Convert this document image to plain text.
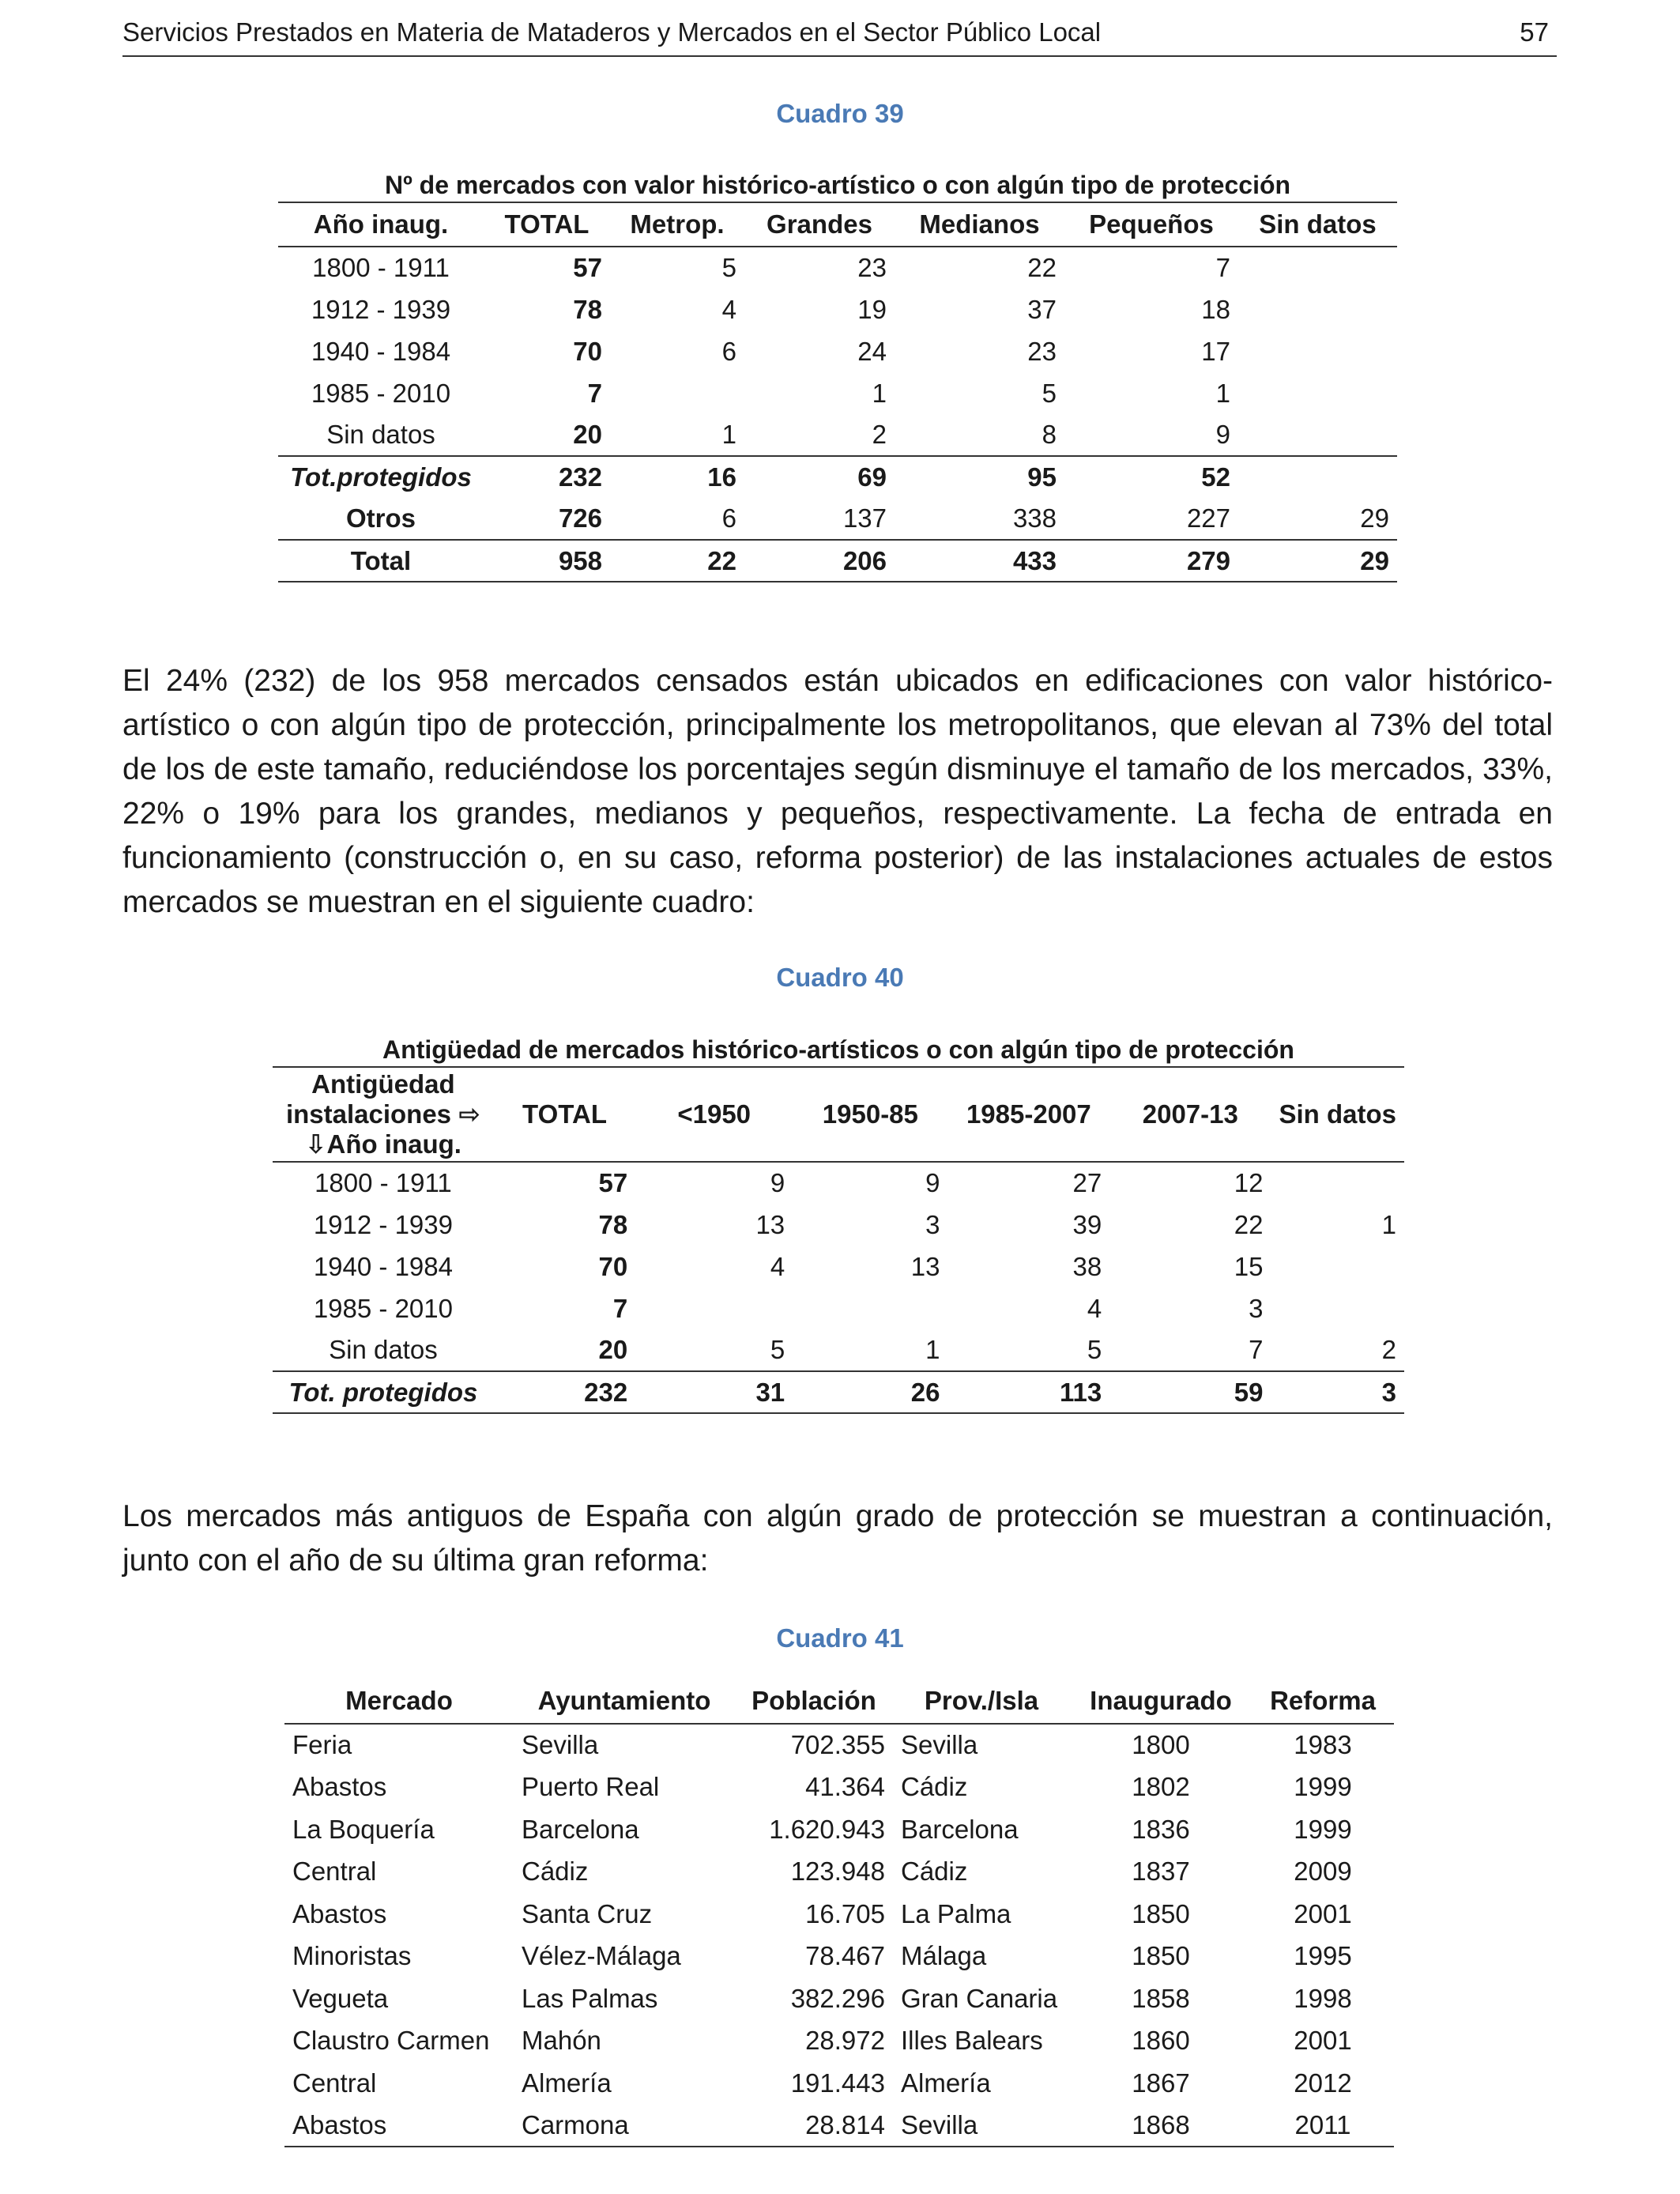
Servicios Prestados en Materia de Mataderos y Mercados en el Sector Público Local	57
Cuadro 39
Nº de mercados con valor histórico-artístico o con algún tipo de protección
Año inaug.	TOTAL	Metrop.	Grandes	Medianos	Pequeños	Sin datos
1800 - 1911	57	5	23	22	7	
1912 - 1939	78	4	19	37	18	
1940 - 1984	70	6	24	23	17	
1985 - 2010	7		1	5	1	
Sin datos	20	1	2	8	9	
Tot.protegidos	232	16	69	95	52	
Otros	726	6	137	338	227	29
Total	958	22	206	433	279	29

El 24% (232) de los 958 mercados censados están ubicados en edificaciones con valor histórico-artístico o con algún tipo de protección, principalmente los metropolitanos, que elevan al 73% del total de los de este tamaño, reduciéndose los porcentajes según disminuye el tamaño de los mercados, 33%, 22% o 19% para los grandes, medianos y pequeños, respectivamente. La fecha de entrada en funcionamiento (construcción o, en su caso, reforma posterior) de las instalaciones actuales de estos mercados se muestran en el siguiente cuadro:

Cuadro 40
Antigüedad de mercados histórico-artísticos o con algún tipo de protección
Antigüedad
instalaciones ⇨
⇩Año inaug.	TOTAL	<1950	1950-85	1985-2007	2007-13	Sin datos
1800 - 1911	57	9	9	27	12	
1912 - 1939	78	13	3	39	22	1
1940 - 1984	70	4	13	38	15	
1985 - 2010	7			4	3	
Sin datos	20	5	1	5	7	2
Tot. protegidos	232	31	26	113	59	3

Los mercados más antiguos de España con algún grado de protección se muestran a continuación, junto con el año de su última gran reforma:

Cuadro 41
Mercado	Ayuntamiento	Población	Prov./Isla	Inaugurado	Reforma
Feria	Sevilla	702.355	Sevilla	1800	1983
Abastos	Puerto Real	41.364	Cádiz	1802	1999
La Boquería	Barcelona	1.620.943	Barcelona	1836	1999
Central	Cádiz	123.948	Cádiz	1837	2009
Abastos	Santa Cruz	16.705	La Palma	1850	2001
Minoristas	Vélez-Málaga	78.467	Málaga	1850	1995
Vegueta	Las Palmas	382.296	Gran Canaria	1858	1998
Claustro Carmen	Mahón	28.972	Illes Balears	1860	2001
Central	Almería	191.443	Almería	1867	2012
Abastos	Carmona	28.814	Sevilla	1868	2011
